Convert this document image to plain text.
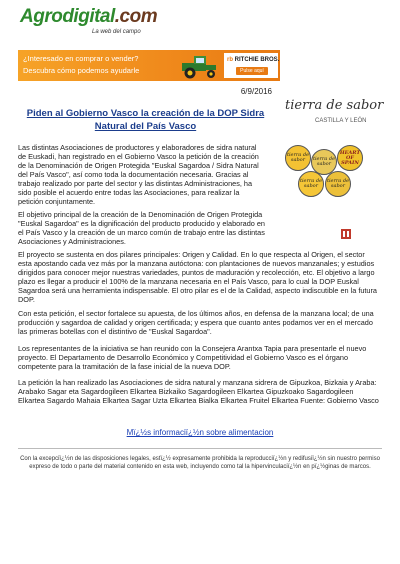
Agrodigital.com
La web del campo
¿Interesado en comprar o vender?
Descubra cómo podemos ayudarle
rb RITCHIE BROS.
Pulse aquí
6/9/2016
Piden al Gobierno Vasco la creación de la DOP Sidra Natural del País Vasco
tierra de sabor
CASTILLA Y LEÓN
tierra de sabor	tierra de sabor
HEART OF SPAIN
tierra de sabor
tierra de sabor
Las distintas Asociaciones de productores y elaboradores de sidra natural de Euskadi, han registrado en el Gobierno Vasco la petición de la creación de la Denominación de Origen Protegida "Euskal Sagardoa / Sidra Natural del País Vasco", así como toda la documentación necesaria. Gracias al trabajo realizado por parte del sector y las distintas Administraciones, ha sido posible el acuerdo entre todas las Asociaciones, para realizar la petición conjuntamente.
El objetivo principal de la creación de la Denominación de Origen Protegida "Euskal Sagardoa" es la dignificación del producto producido y elaborado en el País Vasco y la creación de un marco común de trabajo entre las distintas Asociaciones y Administraciones.
El proyecto se sustenta en dos pilares principales: Origen y Calidad. En lo que respecta al Origen, el sector esta apostando cada vez más por la manzana autóctona: con plantaciones de nuevos manzanales; y estudios dirigidos para conocer mejor nuestras variedades, puntos de maduración y recolección, etc. El objetivo a largo plazo es llegar a producir el 100% de la manzana necesaria en el País Vasco, para lo cual la DOP Euskal Sagardoa será una herramienta indispensable. El otro pilar es el de la Calidad, aspecto indiscutible en la futura DOP.
Con esta petición, el sector fortalece su apuesta, de los últimos años, en defensa de la manzana local; de una producción y sagardoa de calidad y origen certificada; y espera que cuanto antes podamos ver en el mercado las primeras botellas con el distintivo de "Euskal Sagardoa".
Los representantes de la iniciativa se han reunido con la Consejera Arantxa Tapia para presentarle el nuevo proyecto. El Departamento de Desarrollo Económico y Competitividad el Gobierno Vasco es el órgano competente para la tramitación de la fase inicial de la nueva DOP.
La petición la han realizado las Asociaciones de sidra natural y manzana sidrera de Gipuzkoa, Bizkaia y Araba: Arabako Sagar eta Sagardogileen Elkartea Bizkaiko Sagardogileen Elkartea Gipuzkoako Sagardogileen Elkartea Sagardo Mahaia Elkartea Sagar Uzta Elkartea Bialka Elkartea Fruitel Elkartea Fuente: Gobierno Vasco
Mï¿½s informaciï¿½n sobre alimentacion
Con la excepciï¿½n de las disposiciones legales, estï¿½ expresamente prohibida la reproducciï¿½n y redifusiï¿½n sin nuestro permiso expreso de todo o parte del material contenido en esta web, incluyendo como tal la hipervinculaciï¿½n en pï¿½ginas de marcos.
